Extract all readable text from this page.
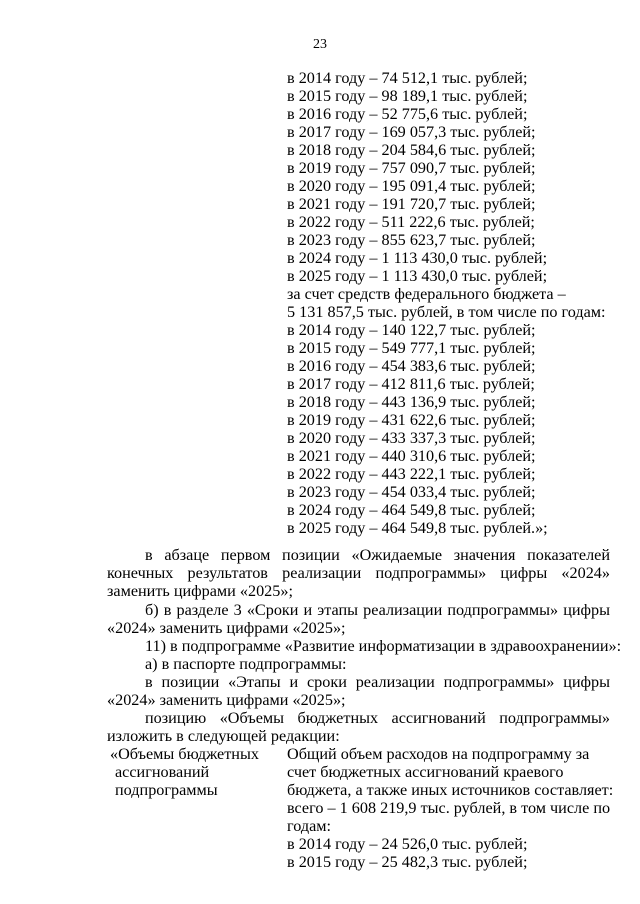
23
в 2014 году – 74 512,1 тыс. рублей;
в 2015 году – 98 189,1 тыс. рублей;
в 2016 году – 52 775,6 тыс. рублей;
в 2017 году – 169 057,3 тыс. рублей;
в 2018 году – 204 584,6 тыс. рублей;
в 2019 году – 757 090,7 тыс. рублей;
в 2020 году – 195 091,4 тыс. рублей;
в 2021 году – 191 720,7 тыс. рублей;
в 2022 году – 511 222,6 тыс. рублей;
в 2023 году – 855 623,7 тыс. рублей;
в 2024 году – 1 113 430,0 тыс. рублей;
в 2025 году – 1 113 430,0 тыс. рублей;
за счет средств федерального бюджета –
5 131 857,5 тыс. рублей, в том числе по годам:
в 2014 году – 140 122,7 тыс. рублей;
в 2015 году – 549 777,1 тыс. рублей;
в 2016 году – 454 383,6 тыс. рублей;
в 2017 году – 412 811,6 тыс. рублей;
в 2018 году – 443 136,9 тыс. рублей;
в 2019 году – 431 622,6 тыс. рублей;
в 2020 году – 433 337,3 тыс. рублей;
в 2021 году – 440 310,6 тыс. рублей;
в 2022 году – 443 222,1 тыс. рублей;
в 2023 году – 454 033,4 тыс. рублей;
в 2024 году – 464 549,8 тыс. рублей;
в 2025 году – 464 549,8 тыс. рублей.»;
в абзаце первом позиции «Ожидаемые значения показателей
конечных результатов реализации подпрограммы» цифры «2024»
заменить цифрами «2025»;
б) в разделе 3 «Сроки и этапы реализации подпрограммы» цифры
«2024» заменить цифрами «2025»;
11) в подпрограмме «Развитие информатизации в здравоохранении»:
а) в паспорте подпрограммы:
в позиции «Этапы и сроки реализации подпрограммы» цифры
«2024» заменить цифрами «2025»;
позицию «Объемы бюджетных ассигнований подпрограммы»
изложить в следующей редакции:
«Объемы бюджетных
ассигнований
подпрограммы
Общий объем расходов на подпрограмму за
счет бюджетных ассигнований краевого
бюджета, а также иных источников составляет:
всего – 1 608 219,9 тыс. рублей, в том числе по
годам:
в 2014 году – 24 526,0 тыс. рублей;
в 2015 году – 25 482,3 тыс. рублей;
